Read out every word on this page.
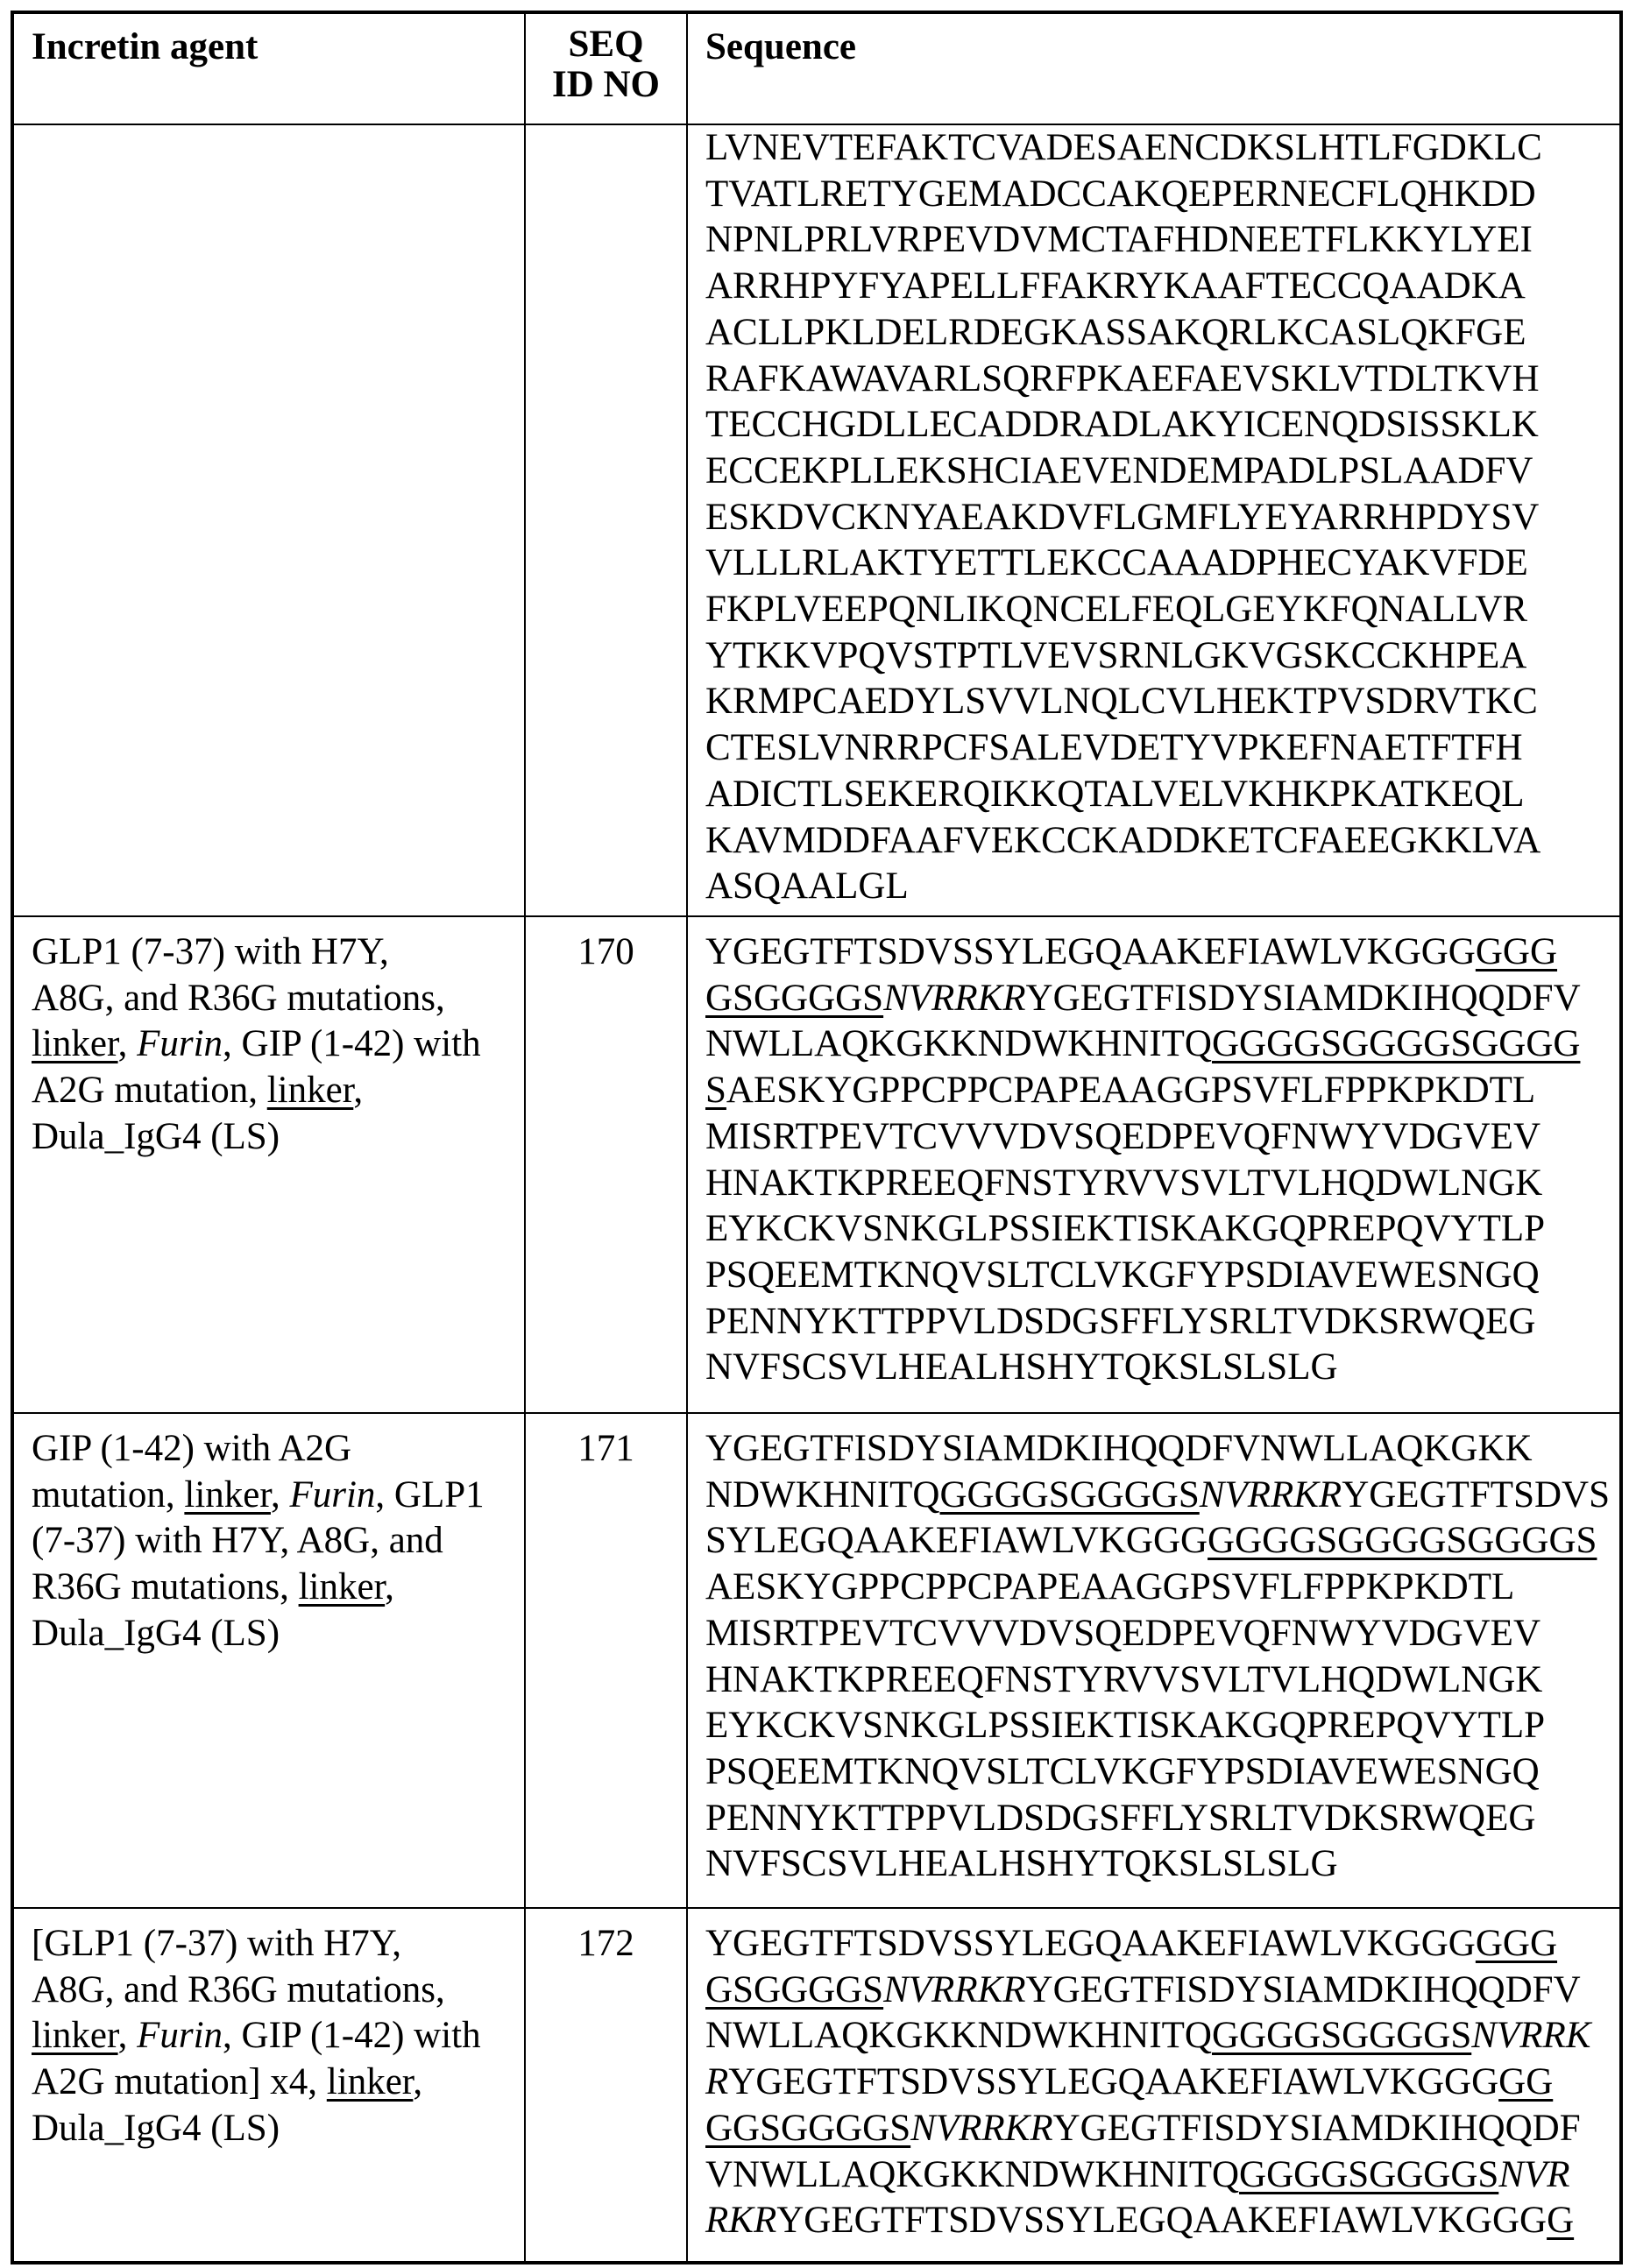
Incretin agent	SEQ
ID NO
	Sequence

LVNEVTEFAKTCVADESAENCDKSLHTLFGDKLC
TVATLRETYGEMADCCAKQEPERNECFLQHKDD
NPNLPRLVRPEVDVMCTAFHDNEETFLKKYLYEI
ARRHPYFYAPELLFFAKRYKAAFTECCQAADKA
ACLLPKLDELRDEGKASSAKQRLKCASLQKFGE
RAFKAWAVARLSQRFPKAEFAEVSKLVTDLTKVH
TECCHGDLLECADDRADLAKYICENQDSISSKLK
ECCEKPLLEKSHCIAEVENDEMPADLPSLAADFV
ESKDVCKNYAEAKDVFLGMFLYEYARRHPDYSV
VLLLRLAKTYETTLEKCCAAADPHECYAKVFDE
FKPLVEEPQNLIKQNCELFEQLGEYKFQNALLVR
YTKKVPQVSTPTLVEVSRNLGKVGSKCCKHPEA
KRMPCAEDYLSVVLNQLCVLHEKTPVSDRVTKC
CTESLVNRRPCFSALEVDETYVPKEFNAETFTFH
ADICTLSEKERQIKKQTALVELVKHKPKATKEQL
KAVMDDFAAFVEKCCKADDKETCFAEEGKKLVA
ASQAALGL

GLP1 (7-37) with H7Y,
A8G, and R36G mutations,
linker, Furin, GIP (1-42) with
A2G mutation, linker,
Dula_IgG4 (LS)
	170	YGEGTFTSDVSSYLEGQAAKEFIAWLVKGGGGGG
GSGGGGSNVRRKRYGEGTFISDYSIAMDKIHQQDFV
NWLLAQKGKKNDWKHNITQGGGGSGGGGSGGGG
SAESKYGPPCPPCPAPEAAGGPSVFLFPPKPKDTL
MISRTPEVTCVVVDVSQEDPEVQFNWYVDGVEV
HNAKTKPREEQFNSTYRVVSVLTVLHQDWLNGK
EYKCKVSNKGLPSSIEKTISKAKGQPREPQVYTLP
PSQEEMTKNQVSLTCLVKGFYPSDIAVEWESNGQ
PENNYKTTPPVLDSDGSFFLYSRLTVDKSRWQEG
NVFSCSVLHEALHSHYTQKSLSLSLG

GIP (1-42) with A2G
mutation, linker, Furin, GLP1
(7-37) with H7Y, A8G, and
R36G mutations, linker,
Dula_IgG4 (LS)
	171	YGEGTFISDYSIAMDKIHQQDFVNWLLAQKGKK
NDWKHNITQGGGGSGGGGSNVRRKRYGEGTFTSDVS
SYLEGQAAKEFIAWLVKGGGGGGGSGGGGSGGGGS
AESKYGPPCPPCPAPEAAGGPSVFLFPPKPKDTL
MISRTPEVTCVVVDVSQEDPEVQFNWYVDGVEV
HNAKTKPREEQFNSTYRVVSVLTVLHQDWLNGK
EYKCKVSNKGLPSSIEKTISKAKGQPREPQVYTLP
PSQEEMTKNQVSLTCLVKGFYPSDIAVEWESNGQ
PENNYKTTPPVLDSDGSFFLYSRLTVDKSRWQEG
NVFSCSVLHEALHSHYTQKSLSLSLG

[GLP1 (7-37) with H7Y,
A8G, and R36G mutations,
linker, Furin, GIP (1-42) with
A2G mutation] x4, linker,
Dula_IgG4 (LS)
	172	YGEGTFTSDVSSYLEGQAAKEFIAWLVKGGGGGG
GSGGGGSNVRRKRYGEGTFISDYSIAMDKIHQQDFV
NWLLAQKGKKNDWKHNITQGGGGSGGGGSNVRRK
RYGEGTFTSDVSSYLEGQAAKEFIAWLVKGGGGG
GGSGGGGSNVRRKRYGEGTFISDYSIAMDKIHQQDF
VNWLLAQKGKKNDWKHNITQGGGGSGGGGSNVR
RKRYGEGTFTSDVSSYLEGQAAKEFIAWLVKGGGG
